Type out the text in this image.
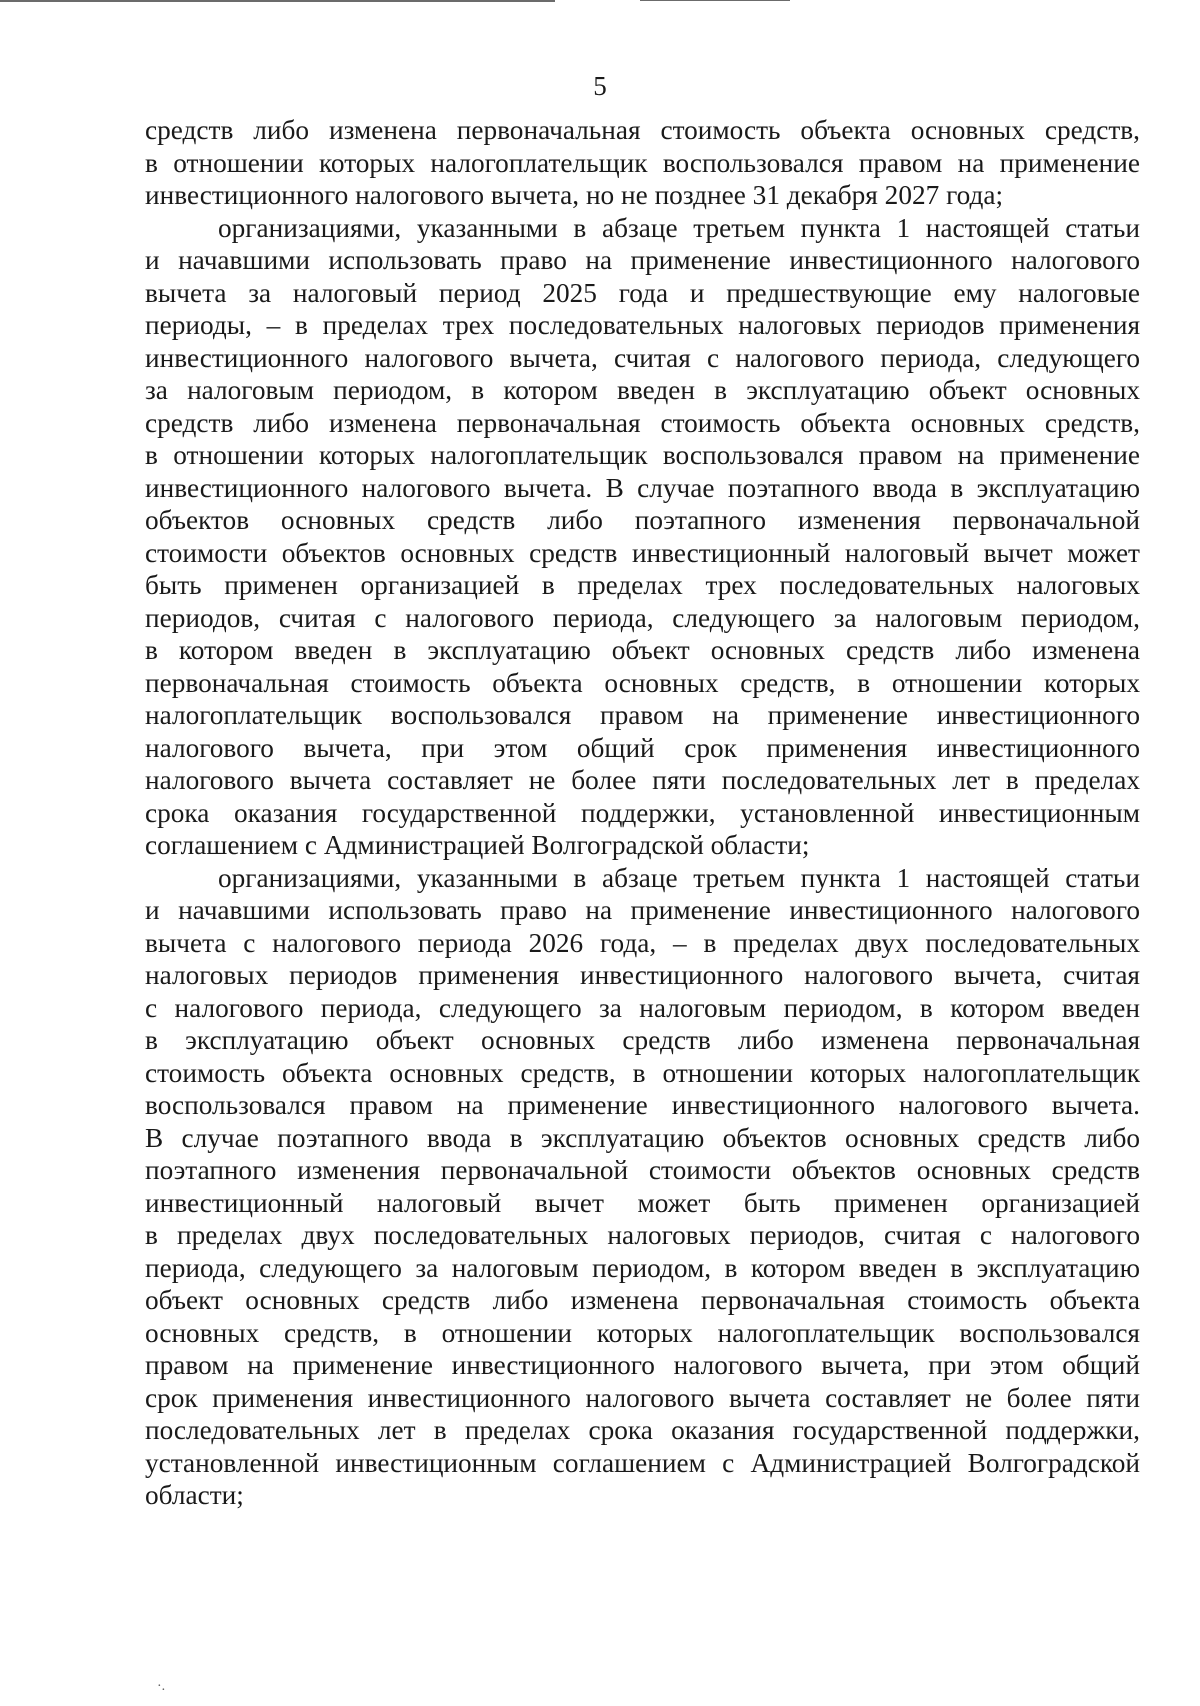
5
средств либо изменена первоначальная стоимость объекта основных средств,
в отношении которых налогоплательщик воспользовался правом на применение
инвестиционного налогового вычета, но не позднее 31 декабря 2027 года;
организациями, указанными в абзаце третьем пункта 1 настоящей статьи
и начавшими использовать право на применение инвестиционного налогового
вычета за налоговый период 2025 года и предшествующие ему налоговые
периоды, – в пределах трех последовательных налоговых периодов применения
инвестиционного налогового вычета, считая с налогового периода, следующего
за налоговым периодом, в котором введен в эксплуатацию объект основных
средств либо изменена первоначальная стоимость объекта основных средств,
в отношении которых налогоплательщик воспользовался правом на применение
инвестиционного налогового вычета. В случае поэтапного ввода в эксплуатацию
объектов основных средств либо поэтапного изменения первоначальной
стоимости объектов основных средств инвестиционный налоговый вычет может
быть применен организацией в пределах трех последовательных налоговых
периодов, считая с налогового периода, следующего за налоговым периодом,
в котором введен в эксплуатацию объект основных средств либо изменена
первоначальная стоимость объекта основных средств, в отношении которых
налогоплательщик воспользовался правом на применение инвестиционного
налогового вычета, при этом общий срок применения инвестиционного
налогового вычета составляет не более пяти последовательных лет в пределах
срока оказания государственной поддержки, установленной инвестиционным
соглашением с Администрацией Волгоградской области;
организациями, указанными в абзаце третьем пункта 1 настоящей статьи
и начавшими использовать право на применение инвестиционного налогового
вычета с налогового периода 2026 года, – в пределах двух последовательных
налоговых периодов применения инвестиционного налогового вычета, считая
с налогового периода, следующего за налоговым периодом, в котором введен
в эксплуатацию объект основных средств либо изменена первоначальная
стоимость объекта основных средств, в отношении которых налогоплательщик
воспользовался правом на применение инвестиционного налогового вычета.
В случае поэтапного ввода в эксплуатацию объектов основных средств либо
поэтапного изменения первоначальной стоимости объектов основных средств
инвестиционный налоговый вычет может быть применен организацией
в пределах двух последовательных налоговых периодов, считая с налогового
периода, следующего за налоговым периодом, в котором введен в эксплуатацию
объект основных средств либо изменена первоначальная стоимость объекта
основных средств, в отношении которых налогоплательщик воспользовался
правом на применение инвестиционного налогового вычета, при этом общий
срок применения инвестиционного налогового вычета составляет не более пяти
последовательных лет в пределах срока оказания государственной поддержки,
установленной инвестиционным соглашением с Администрацией Волгоградской
области;
·.
